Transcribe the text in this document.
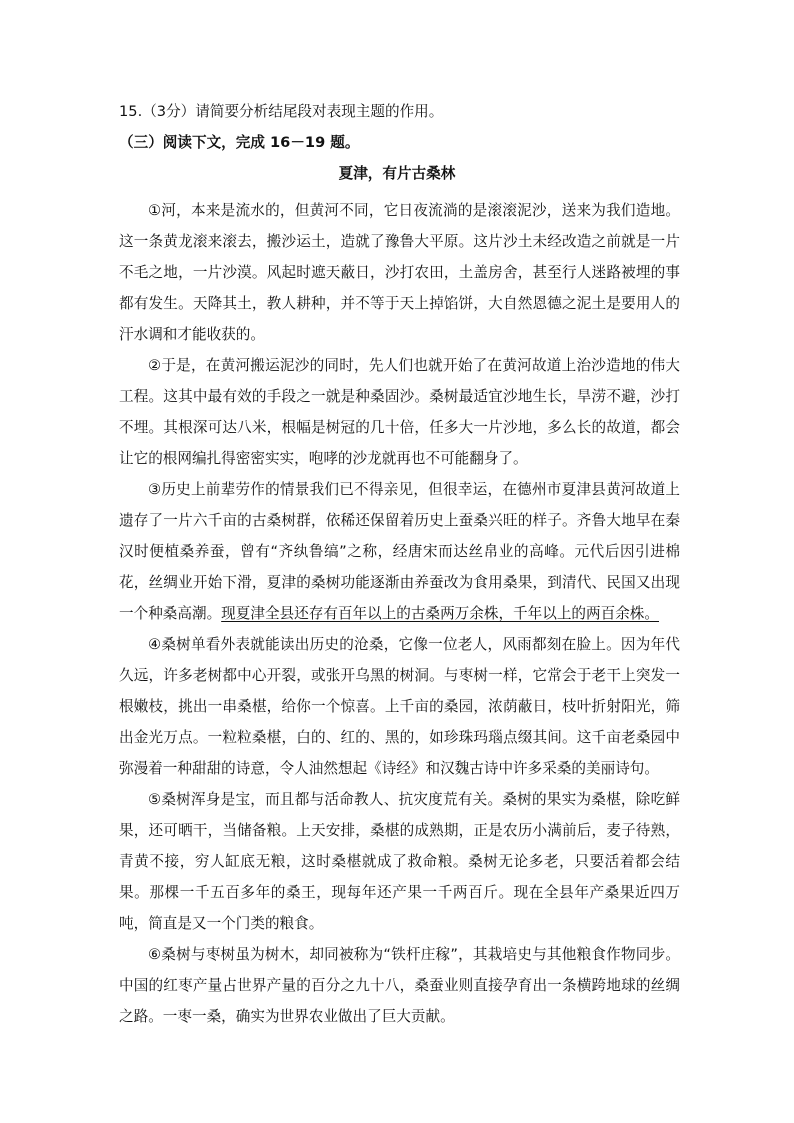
15.（3分）请简要分析结尾段对表现主题的作用。
（三）阅读下文，完成 16－19 题。
夏津，有片古桑林
①河，本来是流水的，但黄河不同，它日夜流淌的是滚滚泥沙，送来为我们造地。这一条黄龙滚来滚去，搬沙运土，造就了豫鲁大平原。这片沙土未经改造之前就是一片不毛之地，一片沙漠。风起时遮天蔽日，沙打农田，土盖房舍，甚至行人迷路被埋的事都有发生。天降其土，教人耕种，并不等于天上掉馅饼，大自然恩德之泥土是要用人的汗水调和才能收获的。
②于是，在黄河搬运泥沙的同时，先人们也就开始了在黄河故道上治沙造地的伟大工程。这其中最有效的手段之一就是种桑固沙。桑树最适宜沙地生长，旱涝不避，沙打不埋。其根深可达八米，根幅是树冠的几十倍，任多大一片沙地，多么长的故道，都会让它的根网编扎得密密实实，咆哮的沙龙就再也不可能翻身了。
③历史上前辈劳作的情景我们已不得亲见，但很幸运，在德州市夏津县黄河故道上遗存了一片六千亩的古桑树群，依稀还保留着历史上蚕桑兴旺的样子。齐鲁大地早在秦汉时便植桑养蚕，曾有“齐纨鲁缟”之称，经唐宋而达丝帛业的高峰。元代后因引进棉花，丝绸业开始下滑，夏津的桑树功能逐渐由养蚕改为食用桑果，到清代、民国又出现一个种桑高潮。现夏津全县还存有百年以上的古桑两万余株，千年以上的两百余株。
④桑树单看外表就能读出历史的沧桑，它像一位老人，风雨都刻在脸上。因为年代久远，许多老树都中心开裂，或张开乌黑的树洞。与枣树一样，它常会于老干上突发一根嫩枝，挑出一串桑椹，给你一个惊喜。上千亩的桑园，浓荫蔽日，枝叶折射阳光，筛出金光万点。一粒粒桑椹，白的、红的、黑的，如珍珠玛瑙点缀其间。这千亩老桑园中弥漫着一种甜甜的诗意，令人油然想起《诗经》和汉魏古诗中许多采桑的美丽诗句。
⑤桑树浑身是宝，而且都与活命教人、抗灾度荒有关。桑树的果实为桑椹，除吃鲜果，还可晒干，当储备粮。上天安排，桑椹的成熟期，正是农历小满前后，麦子待熟，青黄不接，穷人缸底无粮，这时桑椹就成了救命粮。桑树无论多老，只要活着都会结果。那棵一千五百多年的桑王，现每年还产果一千两百斤。现在全县年产桑果近四万吨，简直是又一个门类的粮食。
⑥桑树与枣树虽为树木，却同被称为“铁杆庄稼”，其栽培史与其他粮食作物同步。中国的红枣产量占世界产量的百分之九十八，桑蚕业则直接孕育出一条横跨地球的丝绸之路。一枣一桑，确实为世界农业做出了巨大贡献。
